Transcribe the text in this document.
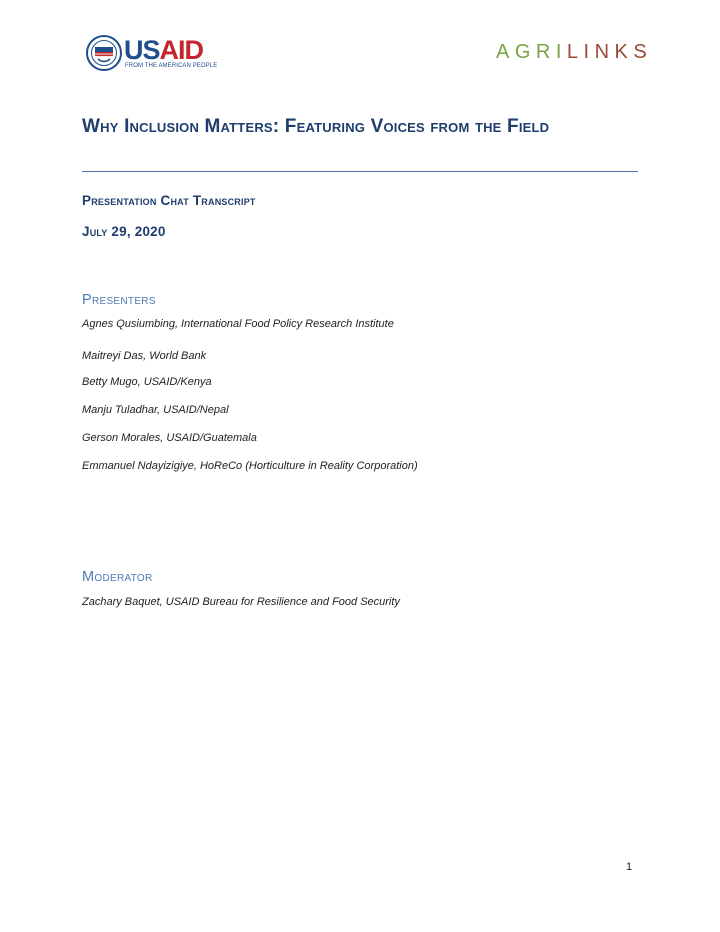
USAID
FROM THE AMERICAN PEOPLE
AGRILINKS
Why Inclusion Matters: Featuring Voices from the Field
Presentation Chat Transcript
July 29, 2020
Presenters
Agnes Qusiumbing, International Food Policy Research Institute
Maitreyi Das, World Bank
Betty Mugo, USAID/Kenya
Manju Tuladhar, USAID/Nepal
Gerson Morales, USAID/Guatemala
Emmanuel Ndayizigiye, HoReCo (Horticulture in Reality Corporation)
Moderator
Zachary Baquet, USAID Bureau for Resilience and Food Security
1
